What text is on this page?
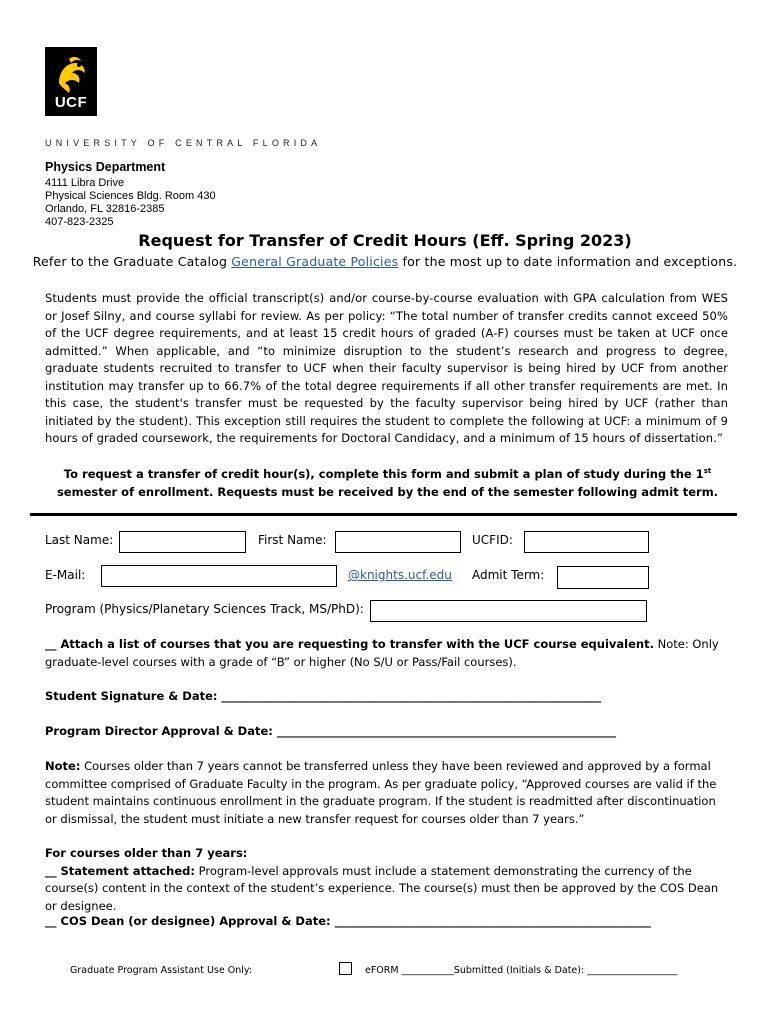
UCF
UNIVERSITY OF CENTRAL FLORIDA
Physics Department
4111 Libra Drive
Physical Sciences Bldg. Room 430
Orlando, FL 32816-2385
407-823-2325
Request for Transfer of Credit Hours (Eff. Spring 2023)
Refer to the Graduate Catalog General Graduate Policies for the most up to date information and exceptions.
Students must provide the official transcript(s) and/or course-by-course evaluation with GPA calculation from WES or Josef Silny, and course syllabi for review. As per policy: “The total number of transfer credits cannot exceed 50% of the UCF degree requirements, and at least 15 credit hours of graded (A-F) courses must be taken at UCF once admitted.” When applicable, and “to minimize disruption to the student’s research and progress to degree, graduate students recruited to transfer to UCF when their faculty supervisor is being hired by UCF from another institution may transfer up to 66.7% of the total degree requirements if all other transfer requirements are met. In this case, the student's transfer must be requested by the faculty supervisor being hired by UCF (rather than initiated by the student). This exception still requires the student to complete the following at UCF: a minimum of 9 hours of graded coursework, the requirements for Doctoral Candidacy, and a minimum of 15 hours of dissertation.”
To request a transfer of credit hour(s), complete this form and submit a plan of study during the 1st semester of enrollment. Requests must be received by the end of the semester following admit term.
Last Name:	First Name:	UCFID:
E-Mail:	@knights.ucf.edu Admit Term:
Program (Physics/Planetary Sciences Track, MS/PhD):
__ Attach a list of courses that you are requesting to transfer with the UCF course equivalent. Note: Only graduate-level courses with a grade of “B” or higher (No S/U or Pass/Fail courses).
Student Signature & Date: __________________________________________________________________
Program Director Approval & Date: ___________________________________________________________
Note: Courses older than 7 years cannot be transferred unless they have been reviewed and approved by a formal committee comprised of Graduate Faculty in the program. As per graduate policy, “Approved courses are valid if the student maintains continuous enrollment in the graduate program. If the student is readmitted after discontinuation or dismissal, the student must initiate a new transfer request for courses older than 7 years.”
For courses older than 7 years:
__ Statement attached: Program-level approvals must include a statement demonstrating the currency of the course(s) content in the context of the student’s experience. The course(s) must then be approved by the COS Dean or designee.
__ COS Dean (or designee) Approval & Date: _______________________________________________________
Graduate Program Assistant Use Only:	eFORM ___________Submitted (Initials & Date): ___________________
